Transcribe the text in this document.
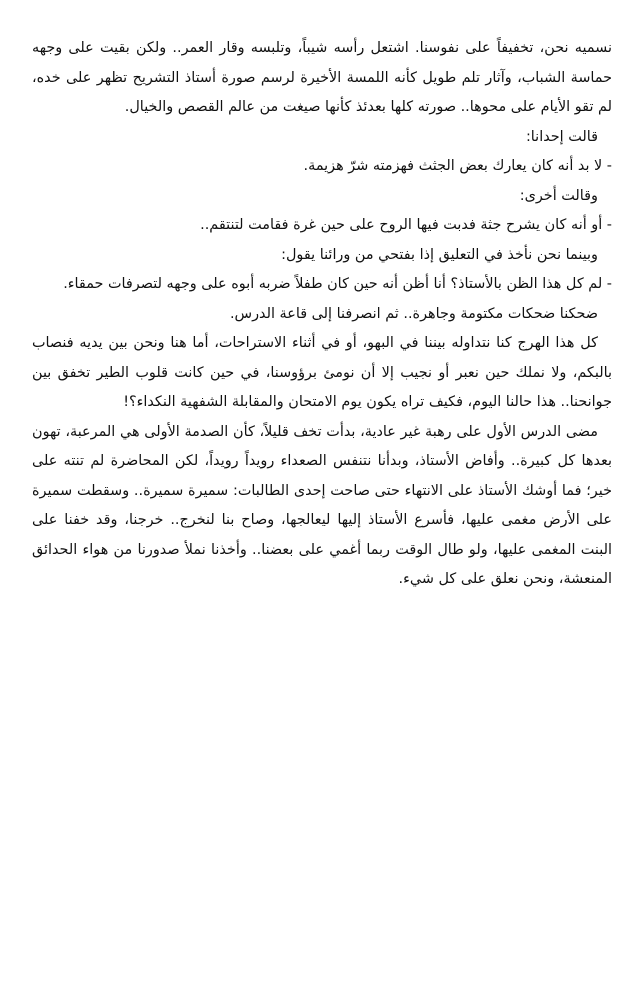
نسميه نحن، تخفيفاً على نفوسنا. اشتعل رأسه شيباً، وتلبسه وقار العمر.. ولكن بقيت على وجهه حماسة الشباب، وآثار تلم طويل كأنه اللمسة الأخيرة لرسم صورة أستاذ التشريح تظهر على خده، لم تقو الأيام على محوها.. صورته كلها بعدئذ كأنها صيغت من عالم القصص والخيال.

قالت إحدانا:

- لا بد أنه كان يعارك بعض الجثث فهزمته شرّ هزيمة.

وقالت أخرى:

- أو أنه كان يشرح جثة فدبت فيها الروح على حين غرة فقامت لتنتقم..

وبينما نحن نأخذ في التعليق إذا بفتحي من ورائنا يقول:

- لم كل هذا الظن بالأستاذ؟ أنا أظن أنه حين كان طفلاً ضربه أبوه على وجهه لتصرفات حمقاء.

ضحكنا ضحكات مكتومة وجاهرة.. ثم انصرفنا إلى قاعة الدرس.

كل هذا الهرج كنا نتداوله بيننا في البهو، أو في أثناء الاستراحات، أما هنا ونحن بين يديه فنصاب بالبكم، ولا نملك حين نعبر أو نجيب إلا أن نومئ برؤوسنا، في حين كانت قلوب الطير تخفق بين جوانحنا.. هذا حالنا اليوم، فكيف تراه يكون يوم الامتحان والمقابلة الشفهية النكداء؟!

مضى الدرس الأول على رهبة غير عادية، بدأت تخف قليلاً، كأن الصدمة الأولى هي المرعبة، تهون بعدها كل كبيرة.. وأفاض الأستاذ، وبدأنا نتنفس الصعداء رويداً رويداً، لكن المحاضرة لم تنته على خير؛ فما أوشك الأستاذ على الانتهاء حتى صاحت إحدى الطالبات: سميرة سميرة.. وسقطت سميرة على الأرض مغمى عليها، فأسرع الأستاذ إليها ليعالجها، وصاح بنا لنخرج.. خرجنا، وقد خفنا على البنت المغمى عليها، ولو طال الوقت ربما أغمي على بعضنا.. وأخذنا نملأ صدورنا من هواء الحدائق المنعشة، ونحن نعلق على كل شيء.
